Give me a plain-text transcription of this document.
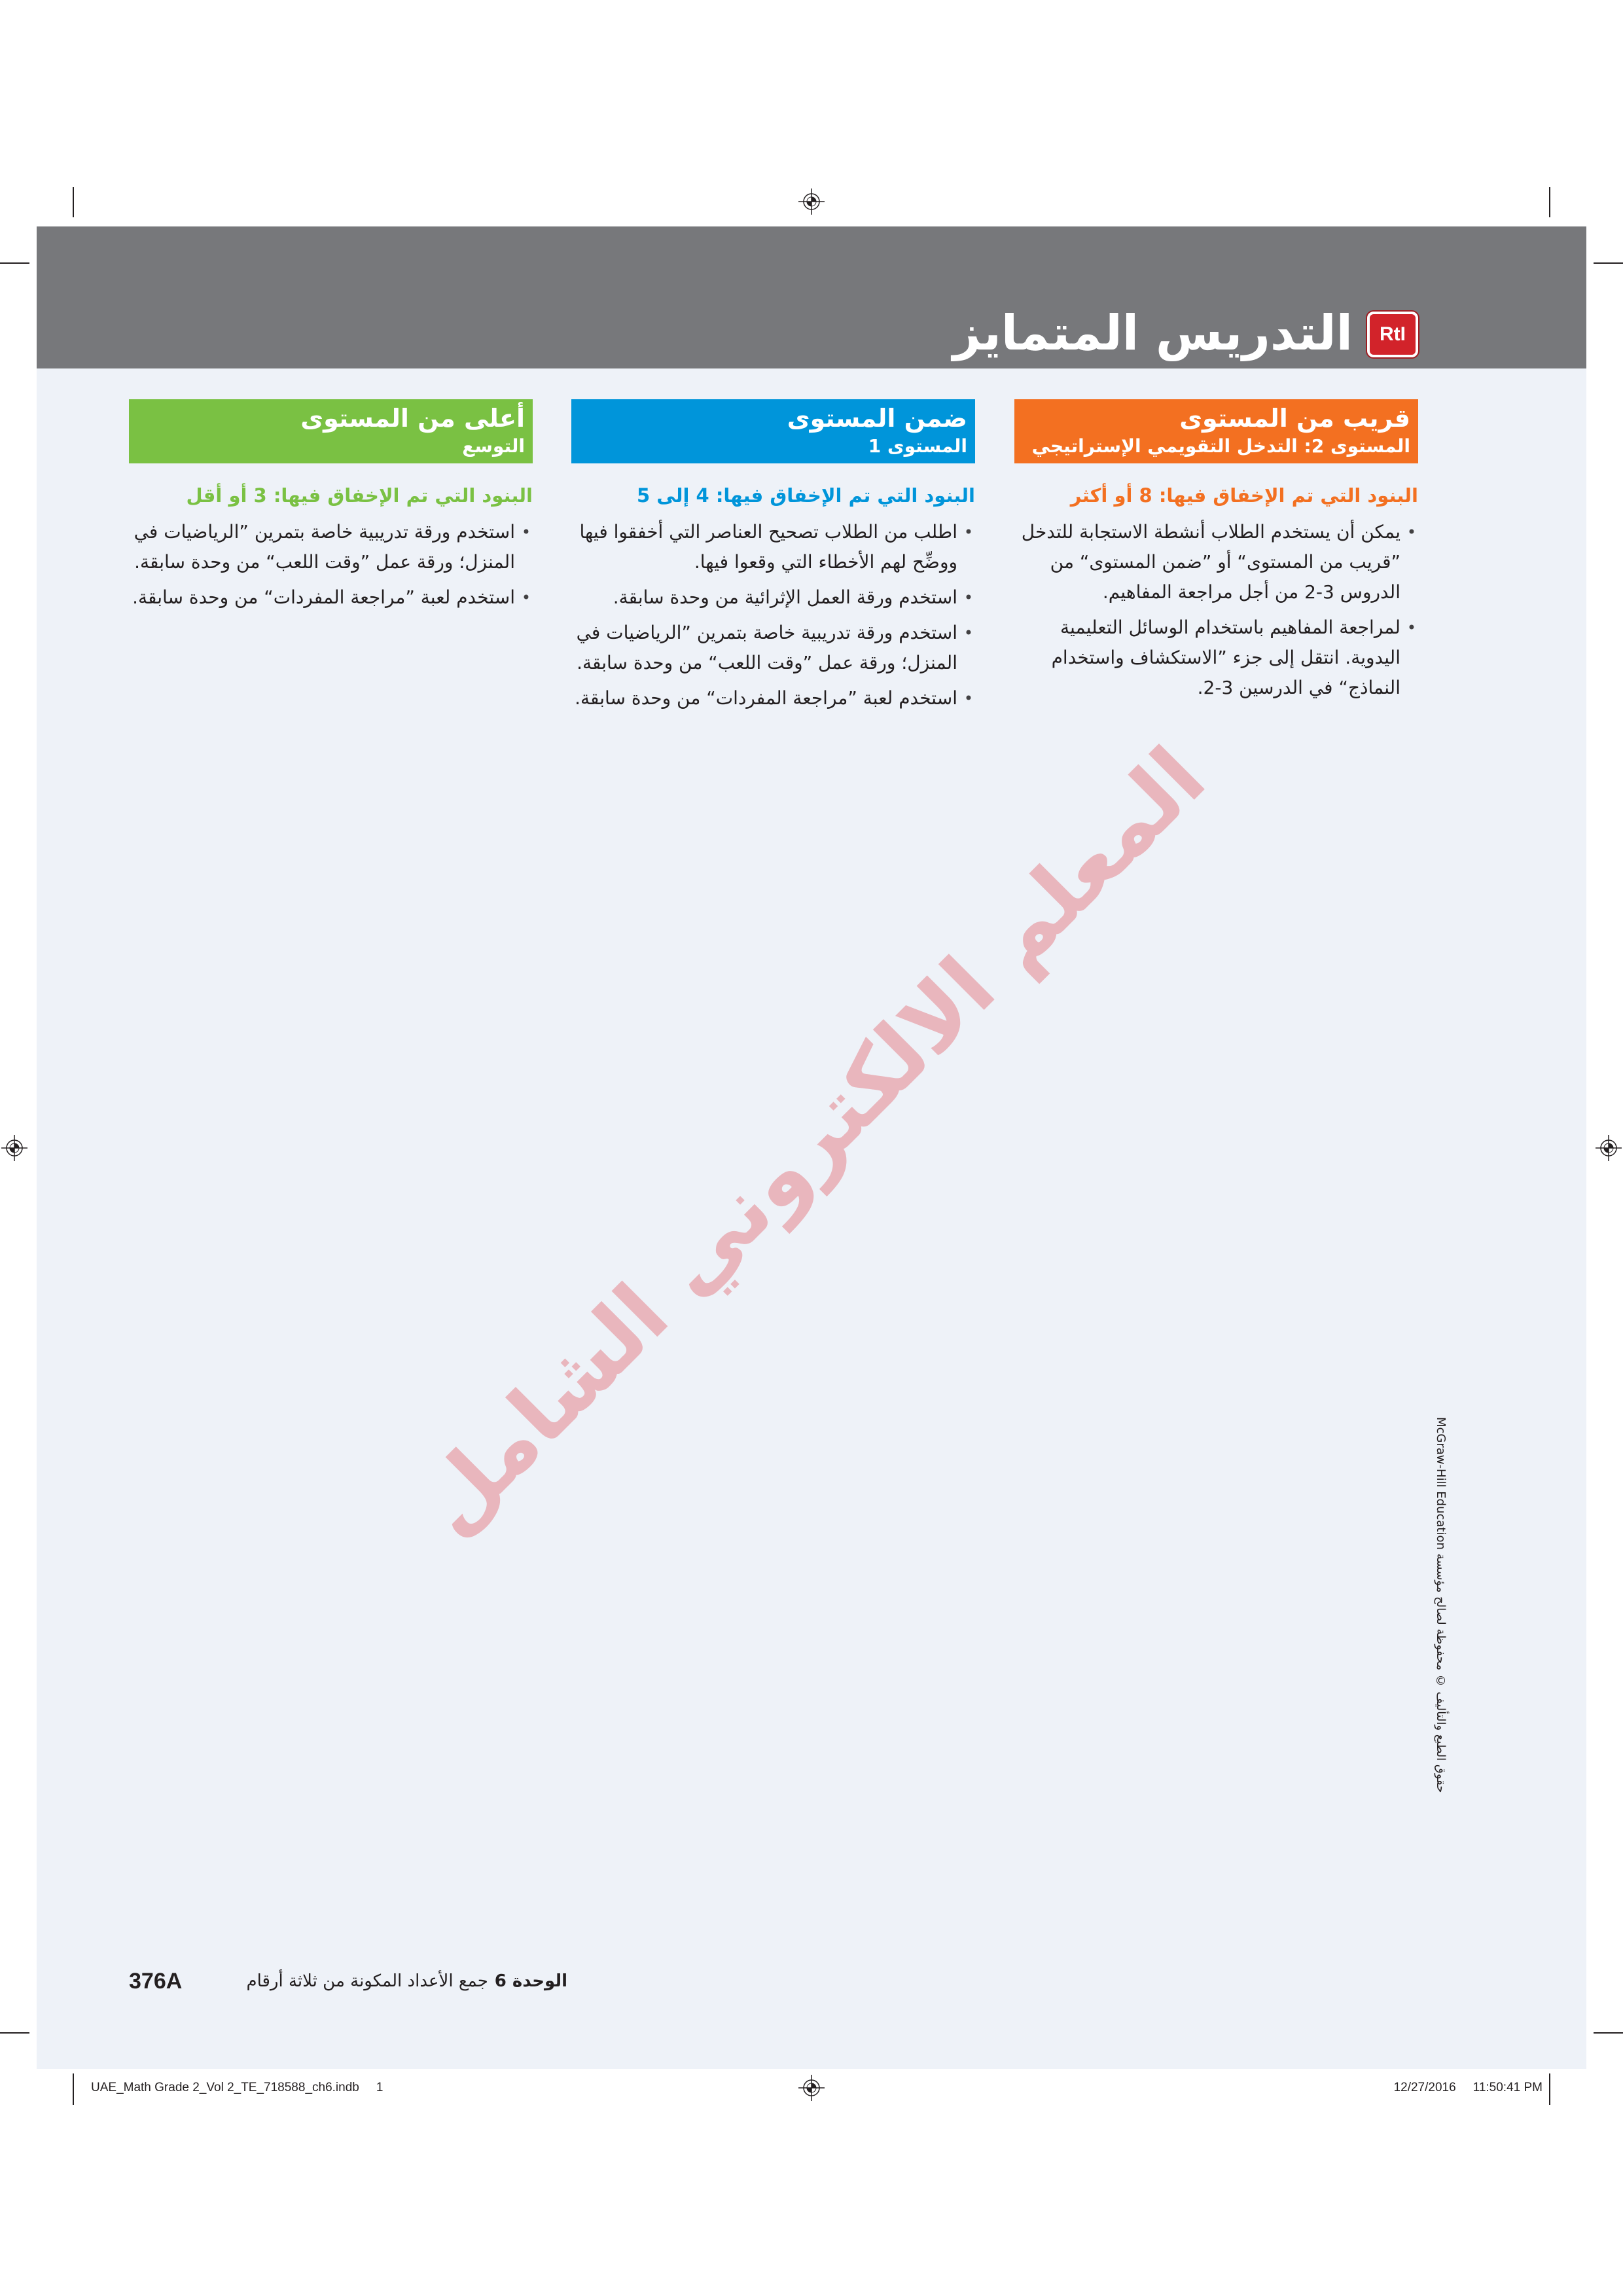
التدريس المتمايز	RtI
المعلم الالكتروني الشامل
قريب من المستوى
المستوى 2: التدخل التقويمي الإستراتيجي
البنود التي تم الإخفاق فيها: 8 أو أكثر
• يمكن أن يستخدم الطلاب أنشطة الاستجابة للتدخل ”قريب من المستوى“ أو ”ضمن المستوى“ من الدروس 3-2 من أجل مراجعة المفاهيم.
• لمراجعة المفاهيم باستخدام الوسائل التعليمية اليدوية. انتقل إلى جزء ”الاستكشاف واستخدام النماذج“ في الدرسين 3-2.
ضمن المستوى
المستوى 1
البنود التي تم الإخفاق فيها: 4 إلى 5
• اطلب من الطلاب تصحيح العناصر التي أخفقوا فيها ووضِّح لهم الأخطاء التي وقعوا فيها.
• استخدم ورقة العمل الإثرائية من وحدة سابقة.
• استخدم ورقة تدريبية خاصة بتمرين ”الرياضيات في المنزل؛ ورقة عمل ”وقت اللعب“ من وحدة سابقة.
• استخدم لعبة ”مراجعة المفردات“ من وحدة سابقة.
أعلى من المستوى
التوسع
البنود التي تم الإخفاق فيها: 3 أو أقل
• استخدم ورقة تدريبية خاصة بتمرين ”الرياضيات في المنزل؛ ورقة عمل ”وقت اللعب“ من وحدة سابقة.
• استخدم لعبة ”مراجعة المفردات“ من وحدة سابقة.
حقوق الطبع والتأليف © محفوظة لصالح مؤسسة McGraw-Hill Education
376A	الوحدة 6جمع الأعداد المكونة من ثلاثة أرقام
UAE_Math Grade 2_Vol 2_TE_718588_ch6.indb 1	12/27/2016 11:50:41 PM
